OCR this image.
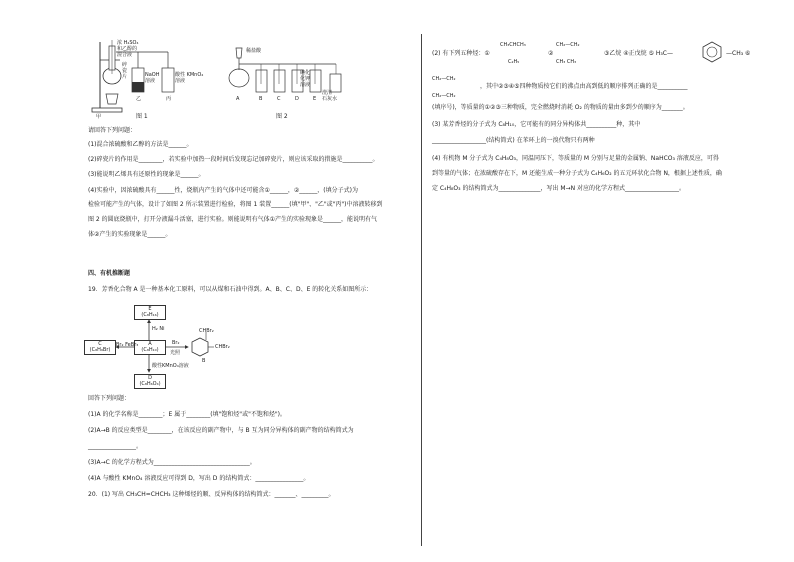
浓 H₂SO₄
和乙醇的
混合液
碎
瓷
片
甲
乙	丙
NaOH
溶液
酸性 KMnO₄
溶液
图 1
稀盐酸
A	B	C	D	E
碘化
化钾
溶液
澄清
石灰水
图 2
请回答下列问题：
(1)混合浓硫酸和乙醇的方法是______。
(2)碎瓷片的作用是________，若实验中加热一段时间后发现忘记加碎瓷片，则应该采取的措施是__________。
(3)能说明乙烯具有还原性的现象是______。
(4)实验中，因浓硫酸具有______性，烧瓶内产生的气体中还可能含①______，②______，(填分子式)为
检验可能产生的气体，设计了如图 2 所示装置进行检验，将图 1 装置______(填"甲"、"乙"或"丙")中溶液转移到
图 2 的圆底烧瓶中，打开分液漏斗活塞，进行实验。则能说明有气体①产生的实验现象是______，能说明有气
体②产生的实验现象是______。
四、有机推断题
19．芳香化合物 A 是一种基本化工原料，可以从煤和石油中得到。A、B、C、D、E 的转化关系如图所示：
E
(C₈H₁₆)
A
(C₈H₁₀)
C
(C₈H₉Br)
D
(C₈H₆O₄)
H₂ Ni
Br₂ FeBr₃	Br₂
光照
酸性KMnO₄溶液
B
CHBr₂
CHBr₂
回答下列问题：
(1)A 的化学名称是________；E 属于________(填"饱和烃"或"不饱和烃")。
(2)A→B 的反应类型是________，在该反应的副产物中，与 B 互为同分异构体的副产物的结构简式为
________________。
(3)A→C 的化学方程式为________________________________。
(4)A 与酸性 KMnO₄ 溶液反应可得到 D，写出 D 的结构简式：________________。
20．(1) 写出 CH₃CH=CHCH₃ 这种烯烃的顺、反异构体的结构简式：_______、_________。
(2) 有下列五种烃：①
CH₃CHCH₃
C₂H₅
②
CH₂—CH₂
CH₃ CH₃
③乙烷 ④正戊烷 ⑤ H₃C—	—CH₃ ⑥
CH₂—CH₂
CH₂—CH₂
，其中②③④⑤四种物质按它们的沸点由高到低的顺序排列正确的是__________
(填序号)，等质量的①②③三种物质，完全燃烧时消耗 O₂ 的物质的量由多到少的顺序为_______。
(3) 某芳香烃的分子式为 C₈H₁₀，它可能有的同分异构体共__________种，其中
__________________(结构简式) 在苯环上的一溴代物只有两种
(4) 有机物 M 分子式为 C₄H₈O₃，同温同压下，等质量的 M 分别与足量的金属钠、NaHCO₃ 溶液反应，可得
到等量的气体；在浓硫酸存在下，M 还能生成一种分子式为 C₄H₆O₂ 的五元环状化合物 N，根据上述性质，确
定 C₄H₈O₃ 的结构简式为______________，写出 M→N 对应的化学方程式__________________。
